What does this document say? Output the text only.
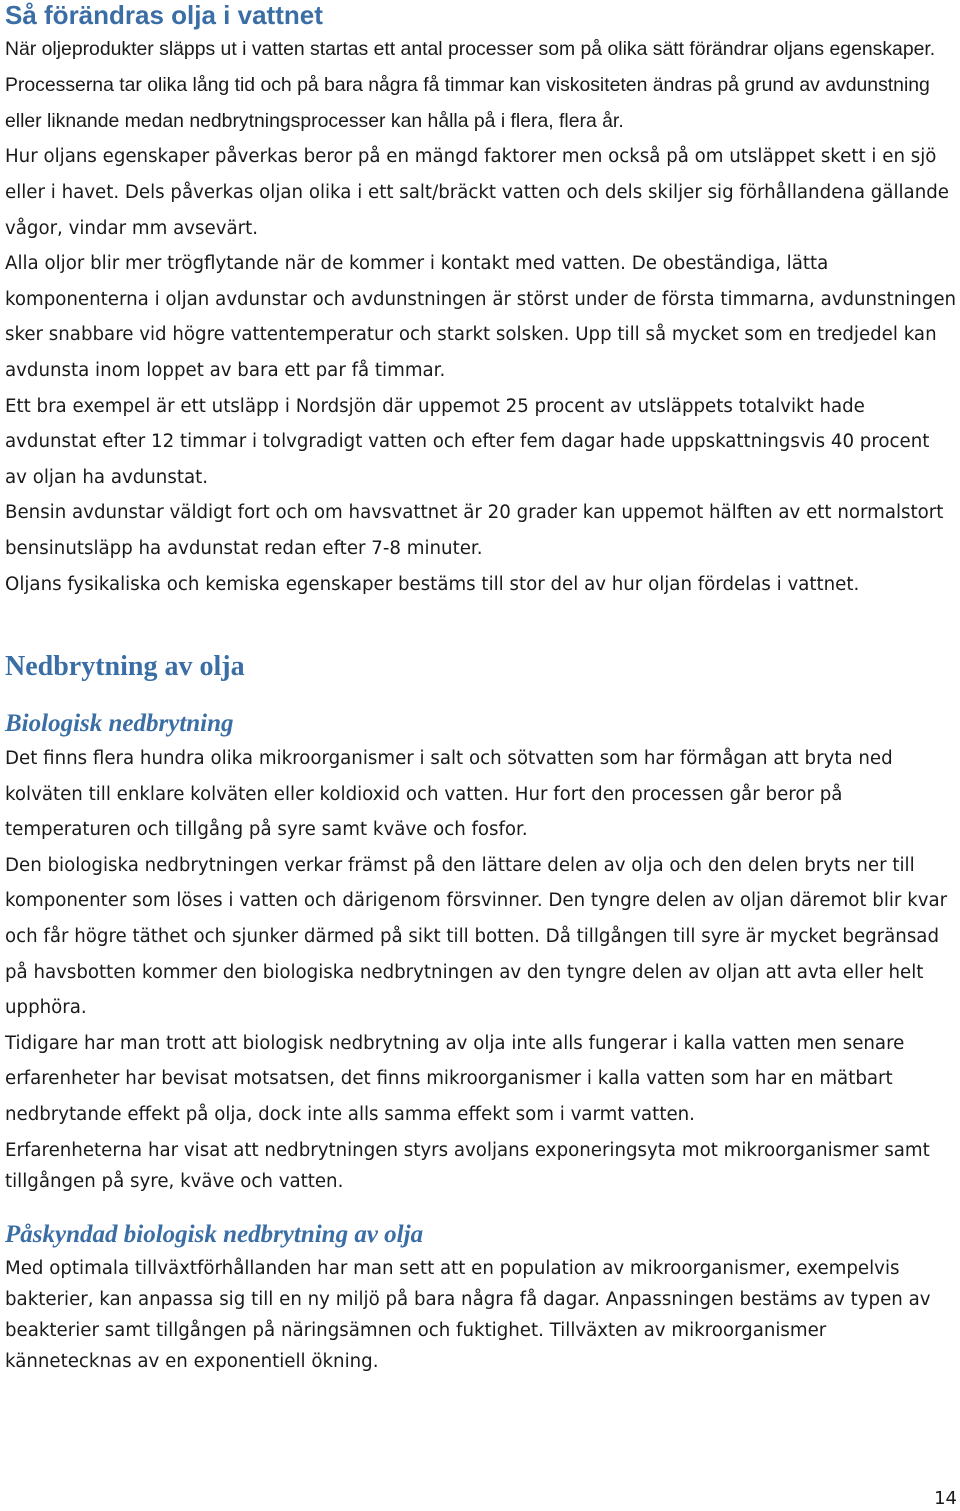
Så förändras olja i vattnet

När oljeprodukter släpps ut i vatten startas ett antal processer som på olika sätt förändrar oljans egenskaper. Processerna tar olika lång tid och på bara några få timmar kan viskositeten ändras på grund av avdunstning eller liknande medan nedbrytningsprocesser kan hålla på i flera, flera år.

Hur oljans egenskaper påverkas beror på en mängd faktorer men också på om utsläppet skett i en sjö eller i havet. Dels påverkas oljan olika i ett salt/bräckt vatten och dels skiljer sig förhållandena gällande vågor, vindar mm avsevärt.

Alla oljor blir mer trögflytande när de kommer i kontakt med vatten. De obeständiga, lätta komponenterna i oljan avdunstar och avdunstningen är störst under de första timmarna, avdunstningen sker snabbare vid högre vattentemperatur och starkt solsken. Upp till så mycket som en tredjedel kan avdunsta inom loppet av bara ett par få timmar.

Ett bra exempel är ett utsläpp i Nordsjön där uppemot 25 procent av utsläppets totalvikt hade avdunstat efter 12 timmar i tolvgradigt vatten och efter fem dagar hade uppskattningsvis 40 procent av oljan ha avdunstat.

Bensin avdunstar väldigt fort och om havsvattnet är 20 grader kan uppemot hälften av ett normalstort bensinutsläpp ha avdunstat redan efter 7-8 minuter.

Oljans fysikaliska och kemiska egenskaper bestäms till stor del av hur oljan fördelas i vattnet.

Nedbrytning av olja
Biologisk nedbrytning

Det finns flera hundra olika mikroorganismer i salt och sötvatten som har förmågan att bryta ned kolväten till enklare kolväten eller koldioxid och vatten. Hur fort den processen går beror på temperaturen och tillgång på syre samt kväve och fosfor.

Den biologiska nedbrytningen verkar främst på den lättare delen av olja och den delen bryts ner till komponenter som löses i vatten och därigenom försvinner. Den tyngre delen av oljan däremot blir kvar och får högre täthet och sjunker därmed på sikt till botten. Då tillgången till syre är mycket begränsad på havsbotten kommer den biologiska nedbrytningen av den tyngre delen av oljan att avta eller helt upphöra.

Tidigare har man trott att biologisk nedbrytning av olja inte alls fungerar i kalla vatten men senare erfarenheter har bevisat motsatsen, det finns mikroorganismer i kalla vatten som har en mätbart nedbrytande effekt på olja, dock inte alls samma effekt som i varmt vatten.

Erfarenheterna har visat att nedbrytningen styrs avoljans exponeringsyta mot mikroorganismer samt tillgången på syre, kväve och vatten.

Påskyndad biologisk nedbrytning av olja

Med optimala tillväxtförhållanden har man sett att en population av mikroorganismer, exempelvis bakterier, kan anpassa sig till en ny miljö på bara några få dagar. Anpassningen bestäms av typen av beakterier samt tillgången på näringsämnen och fuktighet. Tillväxten av mikroorganismer kännetecknas av en exponentiell ökning.

14
